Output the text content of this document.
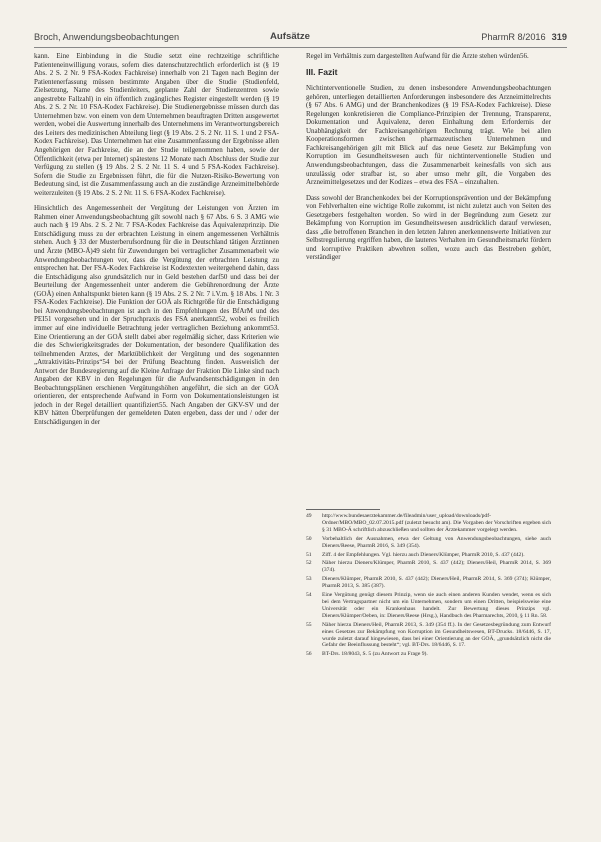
Broch, Anwendungsbeobachtungen	Aufsätze	PharmR 8/2016 319

kann. Eine Einbindung in die Studie setzt eine rechtzeitige schriftliche Patienteneinwilligung voraus, sofern dies datenschutzrechtlich erforderlich ist (§ 19 Abs. 2 S. 2 Nr. 9 FSA-Kodex Fachkreise) innerhalb von 21 Tagen nach Beginn der Patientenerfassung müssen bestimmte Angaben über die Studie (Studienfeld, Zielsetzung, Name des Studienleiters, geplante Zahl der Studienzentren sowie angestrebte Fallzahl) in ein öffentlich zugängliches Register eingestellt werden (§ 19 Abs. 2 S. 2 Nr. 10 FSA-Kodex Fachkreise). Die Studienergebnisse müssen durch das Unternehmen bzw. von einem von dem Unternehmen beauftragten Dritten ausgewertet werden, wobei die Auswertung innerhalb des Unternehmens im Verantwortungsbereich des Leiters des medizinischen Abteilung liegt (§ 19 Abs. 2 S. 2 Nr. 11 S. 1 und 2 FSA-Kodex Fachkreise). Das Unternehmen hat eine Zusammenfassung der Ergebnisse allen Angehörigen der Fachkreise, die an der Studie teilgenommen haben, sowie der Öffentlichkeit (etwa per Internet) spätestens 12 Monate nach Abschluss der Studie zur Verfügung zu stellen (§ 19 Abs. 2 S. 2 Nr. 11 S. 4 und 5 FSA-Kodex Fachkreise). Sofern die Studie zu Ergebnissen führt, die für die Nutzen-Risiko-Bewertung von Bedeutung sind, ist die Zusammenfassung auch an die zuständige Arzneimittelbehörde weiterzuleiten (§ 19 Abs. 2 S. 2 Nr. 11 S. 6 FSA-Kodex Fachkreise).

Hinsichtlich des Angemessenheit der Vergütung der Leistungen von Ärzten im Rahmen einer Anwendungsbeobachtung gilt sowohl nach § 67 Abs. 6 S. 3 AMG wie auch nach § 19 Abs. 2 S. 2 Nr. 7 FSA-Kodex Fachkreise das Äquivalenzprinzip. Die Entschädigung muss zu der erbrachten Leistung in einem angemessenen Verhältnis stehen. Auch § 33 der Musterberufsordnung für die in Deutschland tätigen Ärztinnen und Ärzte (MBO-Ä)49 sieht für Zuwendungen bei vertraglicher Zusammenarbeit wie Anwendungsbeobachtungen vor, dass die Vergütung der erbrachten Leistung zu entsprechen hat. Der FSA-Kodex Fachkreise ist Kodextexten weitergehend dahin, dass die Entschädigung also grundsätzlich nur in Geld bestehen darf50 und dass bei der Beurteilung der Angemessenheit unter anderem die Gebührenordnung der Ärzte (GOÄ) einen Anhaltspunkt bieten kann (§ 19 Abs. 2 S. 2 Nr. 7 i.V.m. § 18 Abs. 1 Nr. 3 FSA-Kodex Fachkreise). Die Funktion der GOÄ als Richtgröße für die Entschädigung bei Anwendungsbeobachtungen ist auch in den Empfehlungen des BfArM und des PEI51 vorgesehen und in der Spruchpraxis des FSA anerkannt52, wobei es freilich immer auf eine individuelle Betrachtung jeder vertraglichen Beziehung ankommt53. Eine Orientierung an der GOÄ stellt dabei aber regelmäßig sicher, dass Kriterien wie die des Schwierigkeitsgrades der Dokumentation, der besondere Qualifikation des teilnehmenden Arztes, der Marktüblichkeit der Vergütung und des sogenannten „Attraktivitäts-Prinzips“54 bei der Prüfung Beachtung finden. Ausweislich der Antwort der Bundesregierung auf die Kleine Anfrage der Fraktion Die Linke sind nach Angaben der KBV in den Regelungen für die Aufwandsentschädigungen in den Beobachtungsplänen erschienen Vergütungshöhen angeführt, die sich an der GOÄ orientieren, der entsprechende Aufwand in Form von Dokumentationsleistungen ist jedoch in der Regel detailliert quantifiziert55. Nach Angaben der GKV-SV und der KBV hätten Überprüfungen der gemeldeten Daten ergeben, dass der und / oder der Entschädigungen in der

Regel im Verhältnis zum dargestellten Aufwand für die Ärzte stehen würden56.

III. Fazit

Nichtinterventionelle Studien, zu denen insbesondere Anwendungsbeobachtungen gehören, unterliegen detaillierten Anforderungen insbesondere des Arzneimittelrechts (§ 67 Abs. 6 AMG) und der Branchenkodizes (§ 19 FSA-Kodex Fachkreise). Diese Regelungen konkretisieren die Compliance-Prinzipien der Trennung, Transparenz, Dokumentation und Äquivalenz, deren Einhaltung dem Erfordernis der Unabhängigkeit der Fachkreisangehörigen Rechnung trägt. Wie bei allen Kooperationsformen zwischen pharmazeutischen Unternehmen und Fachkreisangehörigen gilt mit Blick auf das neue Gesetz zur Bekämpfung von Korruption im Gesundheitswesen auch für nichtinterventionelle Studien und Anwendungsbeobachtungen, dass die Zusammenarbeit keinesfalls von sich aus unzulässig oder strafbar ist, so aber umso mehr gilt, die Vorgaben des Arzneimittelgesetzes und der Kodizes – etwa des FSA – einzuhalten.

Dass sowohl der Branchenkodex bei der Korruptionsprävention und der Bekämpfung von Fehlverhalten eine wichtige Rolle zukommt, ist nicht zuletzt auch von Seiten des Gesetzgebers festgehalten worden. So wird in der Begründung zum Gesetz zur Bekämpfung von Korruption im Gesundheitswesen ausdrücklich darauf verwiesen, dass „die betroffenen Branchen in den letzten Jahren anerkennenswerte Initiativen zur Selbstregulierung ergriffen haben, die lauteres Verhalten im Gesundheitsmarkt fördern und korruptive Praktiken abwehren sollen, wozu auch das Bestreben gehört, verständiger

49	http://www.bundesaerztekammer.de/fileadmin/user_upload/downloads/pdf-Ordner/MBO/MBO_02.07.2015.pdf (zuletzt besucht am). Die Vorgaben der Vorschriften ergeben sich § 31 MBO-Ä schriftlich abzuschließen und sollten der Ärztekammer vorgelegt werden.
50	Vorbehaltlich der Ausnahmen, etwa der Geltung von Anwendungsbeobachtungen, siehe auch Dieners/Reese, PharmR 2016, S. 349 (354).
51	Ziff. 4 der Empfehlungen. Vgl. hierzu auch Dieners/Klümper, PharmR 2010, S. 437 (442).
52	Näher hierzu Dieners/Klümper, PharmR 2010, S. 437 (442); Dieners/Heil, PharmR 2014, S. 369 (374).
53	Dieners/Klümper, PharmR 2010, S. 437 (442); Dieners/Heil, PharmR 2014, S. 369 (374); Klümper, PharmR 2013, S. 385 (387).
54	Eine Vergütung genügt diesem Prinzip, wenn sie auch einen anderen Kunden wendet, wenn es sich bei dem Vertragspartner nicht um ein Unternehmen, sondern um einen Dritten, beispielsweise eine Universität oder ein Krankenhaus handelt. Zur Bewertung dieses Prinzips vgl. Dieners/Klümper/Oeben, in: Dieners/Reese (Hrsg.), Handbuch des Pharmarechts, 2010, § 11 Rn. 58.
55	Näher hierzu Dieners/Heil, PharmR 2013, S. 349 (354 ff.). In der Gesetzesbegründung zum Entwurf eines Gesetzes zur Bekämpfung von Korruption im Gesundheitswesen, BT-Drucks. 18/6446, S. 17, wurde zuletzt darauf hingewiesen, dass bei einer Orientierung an der GOÄ, „grundsätzlich nicht die Gefahr der Beeinflussung besteht“; vgl. BT-Drs. 18/6446, S. 17.
56	BT-Drs. 18/8043, S. 5 (zu Antwort zu Frage 9).
